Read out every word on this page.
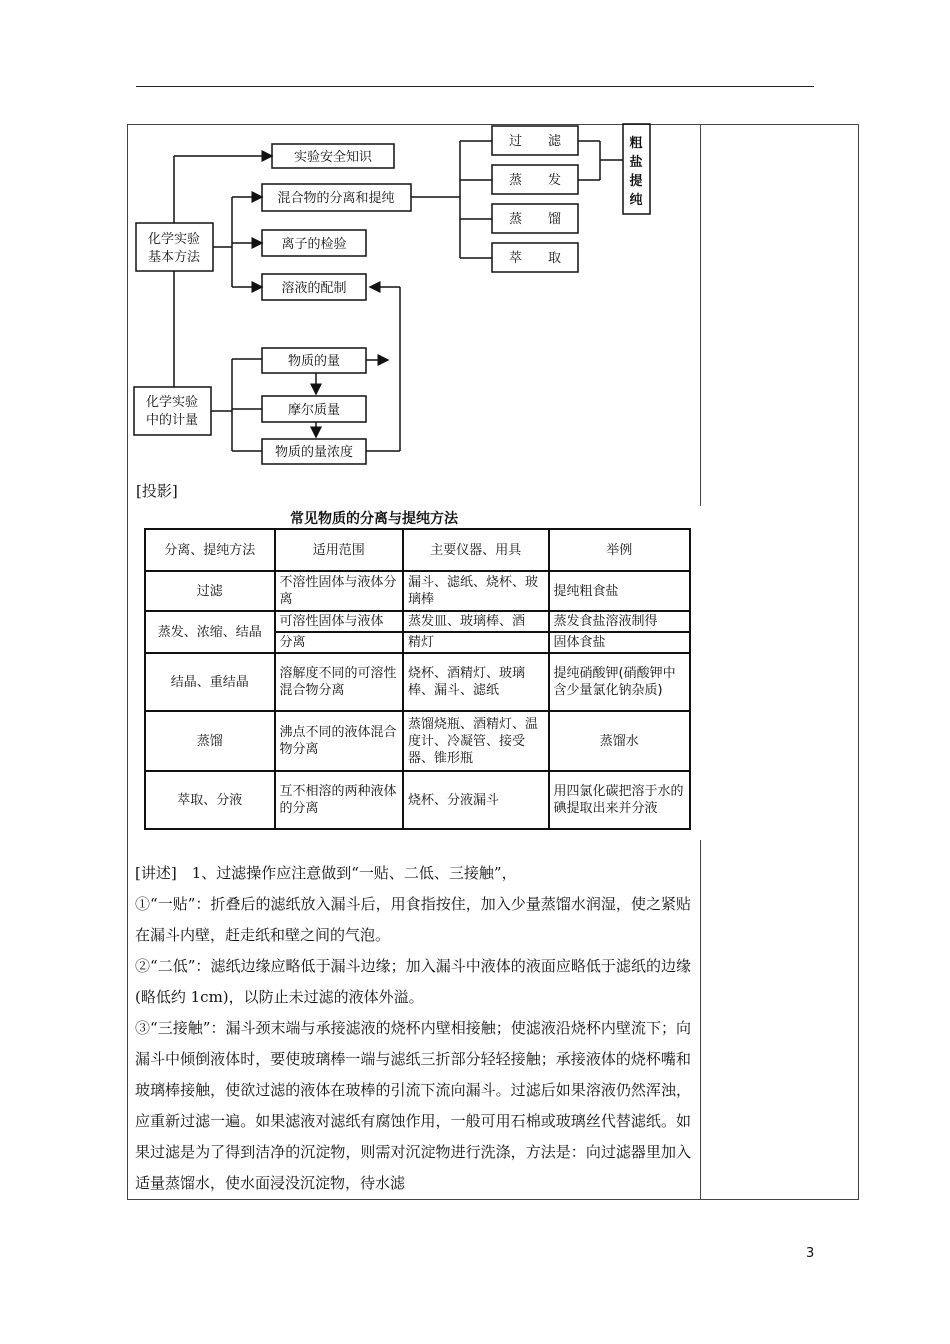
化学实验
基本方法
化学实验
中的计量
实验安全知识
混合物的分离和提纯
离子的检验
溶液的配制
物质的量
摩尔质量
物质的量浓度
过　　滤
蒸　　发
蒸　　馏
萃　　取
粗
盐
提
纯
[投影]
常见物质的分离与提纯方法
分离、提纯方法	适用范围	主要仪器、用具	举例
过滤	不溶性固体与液体分离	漏斗、滤纸、烧杯、玻璃棒	提纯粗食盐
蒸发、浓缩、结晶	可溶性固体与液体	蒸发皿、玻璃棒、酒	蒸发食盐溶液制得
	分离	精灯	固体食盐
结晶、重结晶	溶解度不同的可溶性混合物分离	烧杯、酒精灯、玻璃棒、漏斗、滤纸	提纯硝酸钾(硝酸钾中含少量氯化钠杂质)
蒸馏	沸点不同的液体混合物分离	蒸馏烧瓶、酒精灯、温度计、冷凝管、接受器、锥形瓶	蒸馏水
萃取、分液	互不相溶的两种液体的分离	烧杯、分液漏斗	用四氯化碳把溶于水的碘提取出来并分液

[讲述]　1、过滤操作应注意做到“一贴、二低、三接触”，

①“一贴”：折叠后的滤纸放入漏斗后，用食指按住，加入少量蒸馏水润湿，使之紧贴在漏斗内壁，赶走纸和壁之间的气泡。

②“二低”：滤纸边缘应略低于漏斗边缘；加入漏斗中液体的液面应略低于滤纸的边缘(略低约 1cm)，以防止未过滤的液体外溢。

③“三接触”：漏斗颈末端与承接滤液的烧杯内壁相接触；使滤液沿烧杯内壁流下；向漏斗中倾倒液体时，要使玻璃棒一端与滤纸三折部分轻轻接触；承接液体的烧杯嘴和玻璃棒接触，使欲过滤的液体在玻棒的引流下流向漏斗。过滤后如果溶液仍然浑浊，应重新过滤一遍。如果滤液对滤纸有腐蚀作用，一般可用石棉或玻璃丝代替滤纸。如果过滤是为了得到洁净的沉淀物，则需对沉淀物进行洗涤，方法是：向过滤器里加入适量蒸馏水，使水面浸没沉淀物，待水滤

3
